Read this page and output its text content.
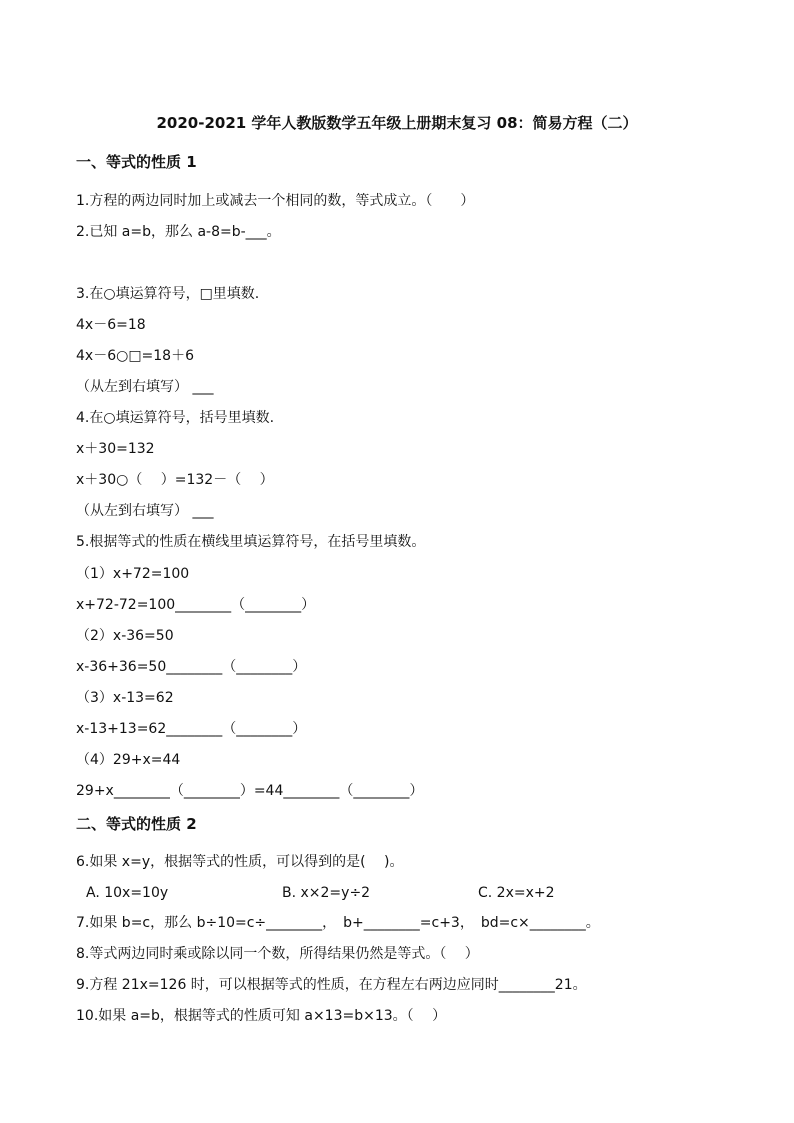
2020-2021 学年人教版数学五年级上册期末复习 08：简易方程（二）
一、等式的性质 1
1.方程的两边同时加上或减去一个相同的数，等式成立。（　　）
2.已知 a=b，那么 a-8=b-___。
3.在○填运算符号，□里填数.
4x－6=18
4x－6○□=18＋6
（从左到右填写） ___
4.在○填运算符号，括号里填数.
x＋30=132
x＋30○（　 ）=132－（　 ）
（从左到右填写） ___
5.根据等式的性质在横线里填运算符号，在括号里填数。
（1）x+72=100
x+72-72=100________（________）
（2）x-36=50
x-36+36=50________（________）
（3）x-13=62
x-13+13=62________（________）
（4）29+x=44
29+x________（________）=44________（________）
二、等式的性质 2
6.如果 x=y，根据等式的性质，可以得到的是(　 )。
A. 10x=10y	B. x×2=y÷2	C. 2x=x+2
7.如果 b=c，那么 b÷10=c÷________，　b+________=c+3，　bd=c×________。
8.等式两边同时乘或除以同一个数，所得结果仍然是等式。（　 ）
9.方程 21x=126 时，可以根据等式的性质，在方程左右两边应同时________21。
10.如果 a=b，根据等式的性质可知 a×13=b×13。（　 ）
